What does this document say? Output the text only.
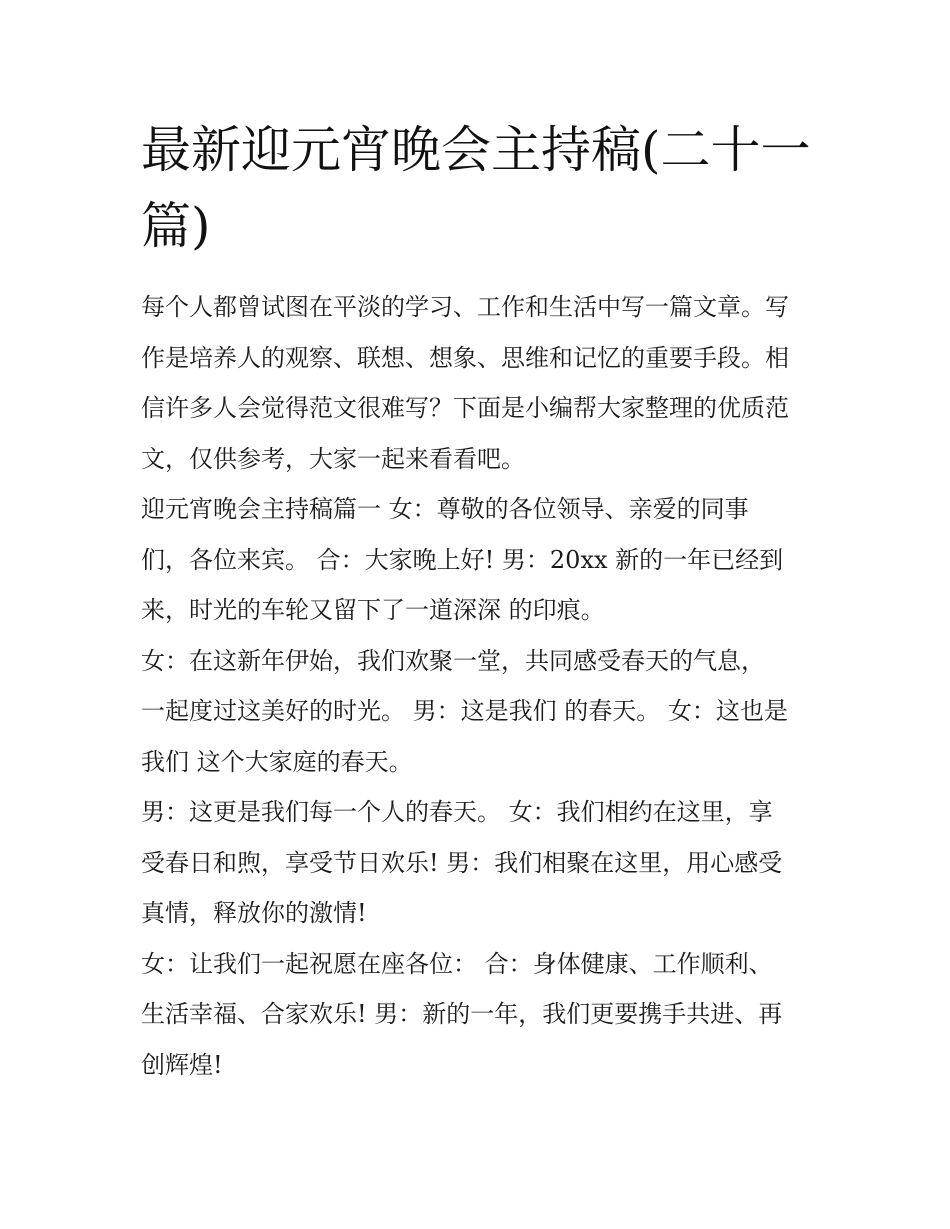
最新迎元宵晚会主持稿(二十一
篇)

每个人都曾试图在平淡的学习、工作和生活中写一篇文章。写
作是培养人的观察、联想、想象、思维和记忆的重要手段。相
信许多人会觉得范文很难写？下面是小编帮大家整理的优质范
文，仅供参考，大家一起来看看吧。

迎元宵晚会主持稿篇一 女：尊敬的各位领导、亲爱的同事
们，各位来宾。 合：大家晚上好! 男：20xx 新的一年已经到
来，时光的车轮又留下了一道深深 的印痕。

女：在这新年伊始，我们欢聚一堂，共同感受春天的气息，
一起度过这美好的时光。 男：这是我们 的春天。 女：这也是
我们 这个大家庭的春天。

男：这更是我们每一个人的春天。 女：我们相约在这里，享
受春日和煦，享受节日欢乐! 男：我们相聚在这里，用心感受
真情，释放你的激情!

女：让我们一起祝愿在座各位： 合：身体健康、工作顺利、
生活幸福、合家欢乐! 男：新的一年，我们更要携手共进、再
创辉煌!
